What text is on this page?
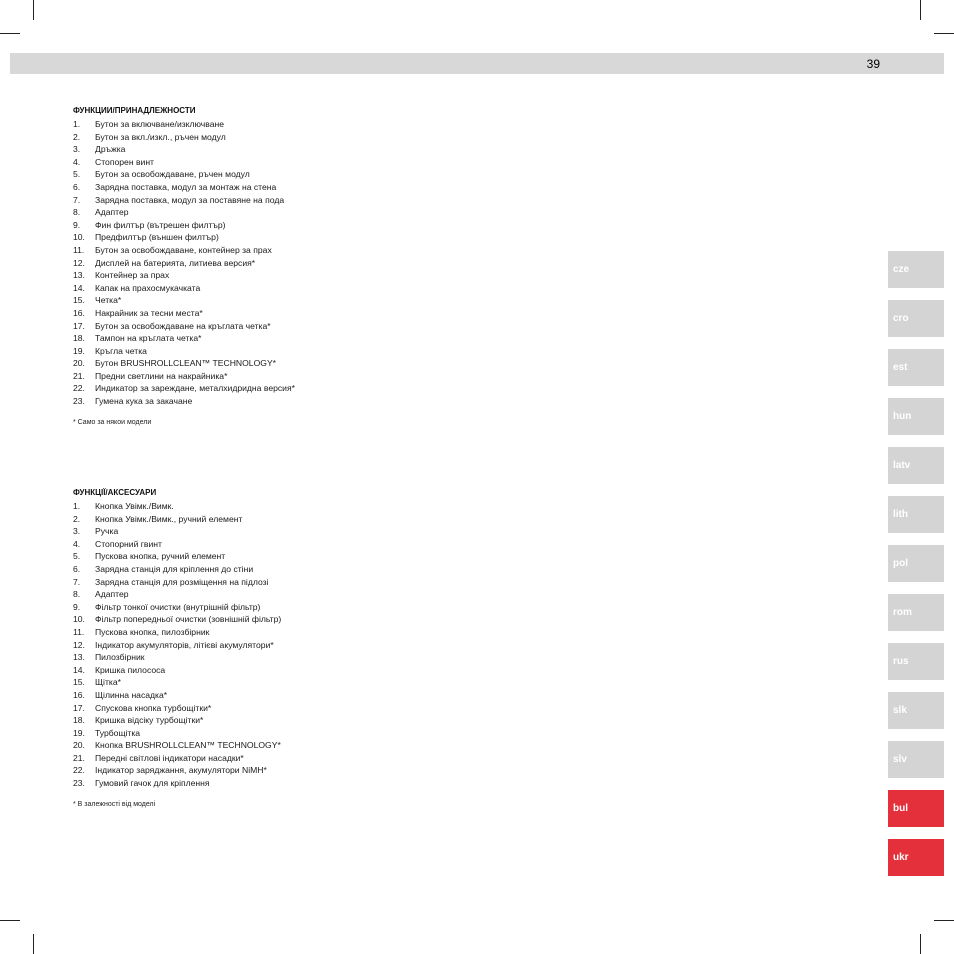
39
ФУНКЦИИ/ПРИНАДЛЕЖНОСТИ
1.	Бутон за включване/изключване
2.	Бутон за вкл./изкл., ръчен модул
3.	Дръжка
4.	Стопорен винт
5.	Бутон за освобождаване, ръчен модул
6.	Зарядна поставка, модул за монтаж на стена
7.	Зарядна поставка, модул за поставяне на пода
8.	Адаптер
9.	Фин филтър (вътрешен филтър)
10.	Предфилтър (външен филтър)
11.	Бутон за освобождаване, контейнер за прах
12.	Дисплей на батерията, литиева версия*
13.	Контейнер за прах
14.	Капак на прахосмукачката
15.	Четка*
16.	Накрайник за тесни места*
17.	Бутон за освобождаване на кръглата четка*
18.	Тампон на кръглата четка*
19.	Кръгла четка
20.	Бутон BRUSHROLLCLEAN™ TECHNOLOGY*
21.	Предни светлини на накрайника*
22.	Индикатор за зареждане, металхидридна версия*
23.	Гумена кука за закачане
* Само за някои модели
ФУНКЦІЇ/АКСЕСУАРИ
1.	Кнопка Увімк./Вимк.
2.	Кнопка Увімк./Вимк., ручний елемент
3.	Ручка
4.	Стопорний гвинт
5.	Пускова кнопка, ручний елемент
6.	Зарядна станція для кріплення до стіни
7.	Зарядна станція для розміщення на підлозі
8.	Адаптер
9.	Фільтр тонкої очистки (внутрішній фільтр)
10.	Фільтр попередньої очистки (зовнішній фільтр)
11.	Пускова кнопка, пилозбірник
12.	Індикатор акумуляторів, літієві акумулятори*
13.	Пилозбірник
14.	Кришка пилососа
15.	Щітка*
16.	Щілинна насадка*
17.	Спускова кнопка турбощітки*
18.	Кришка відсіку турбощітки*
19.	Турбощітка
20.	Кнопка BRUSHROLLCLEAN™ TECHNOLOGY*
21.	Передні світлові індикатори насадки*
22.	Індикатор заряджання, акумулятори NiMH*
23.	Гумовий гачок для кріплення
* В залежності від моделі
cze
cro
est
hun
latv
lith
pol
rom
rus
slk
slv
bul
ukr
